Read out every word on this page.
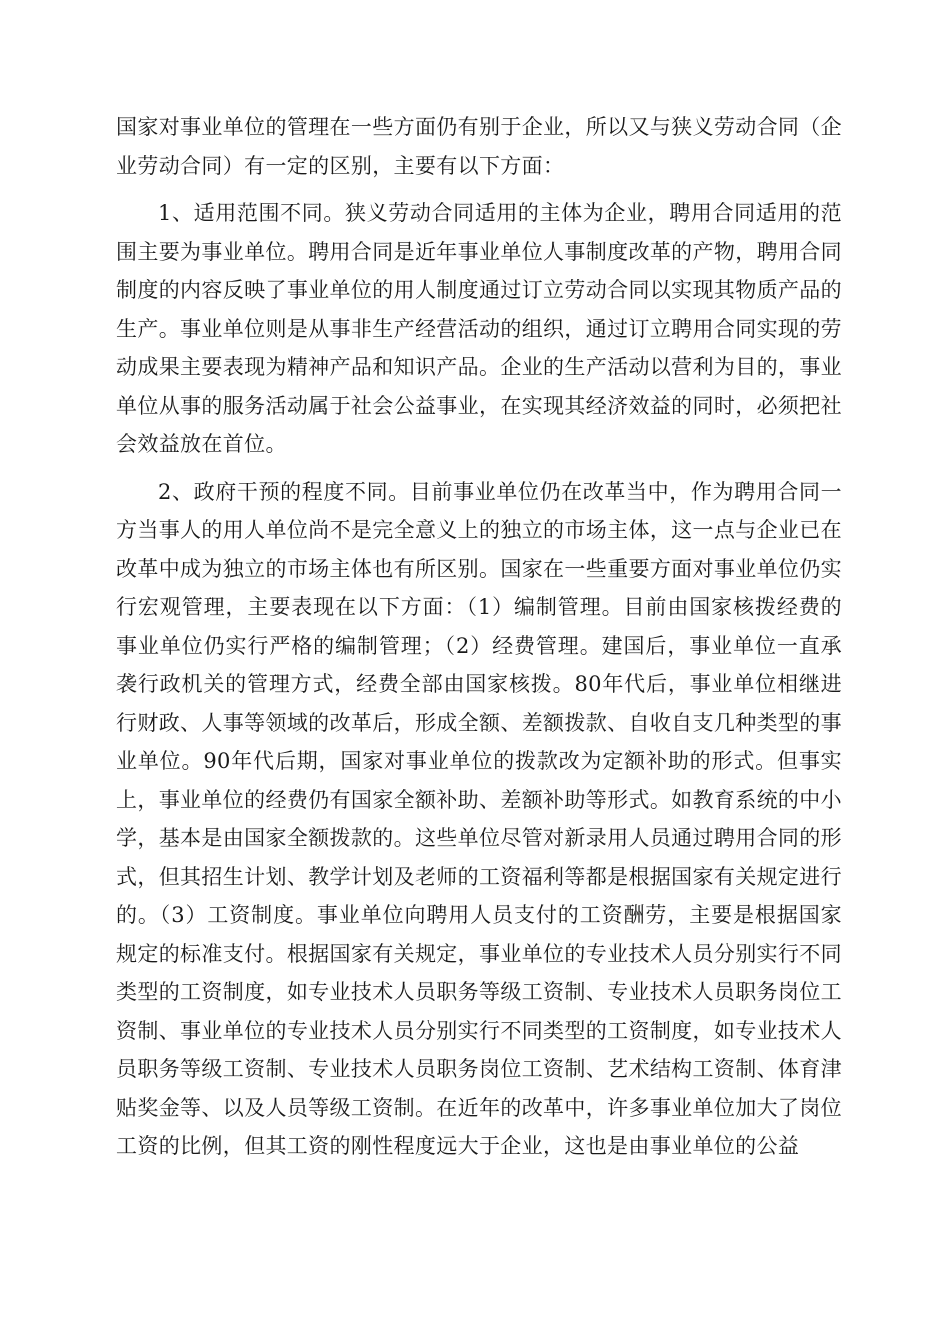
国家对事业单位的管理在一些方面仍有别于企业，所以又与狭义劳动合同（企业劳动合同）有一定的区别，主要有以下方面：

1、适用范围不同。狭义劳动合同适用的主体为企业，聘用合同适用的范围主要为事业单位。聘用合同是近年事业单位人事制度改革的产物，聘用合同制度的内容反映了事业单位的用人制度通过订立劳动合同以实现其物质产品的生产。事业单位则是从事非生产经营活动的组织，通过订立聘用合同实现的劳动成果主要表现为精神产品和知识产品。企业的生产活动以营利为目的，事业单位从事的服务活动属于社会公益事业，在实现其经济效益的同时，必须把社会效益放在首位。

2、政府干预的程度不同。目前事业单位仍在改革当中，作为聘用合同一方当事人的用人单位尚不是完全意义上的独立的市场主体，这一点与企业已在改革中成为独立的市场主体也有所区别。国家在一些重要方面对事业单位仍实行宏观管理，主要表现在以下方面：（1）编制管理。目前由国家核拨经费的事业单位仍实行严格的编制管理；（2）经费管理。建国后，事业单位一直承袭行政机关的管理方式，经费全部由国家核拨。80年代后，事业单位相继进行财政、人事等领域的改革后，形成全额、差额拨款、自收自支几种类型的事业单位。90年代后期，国家对事业单位的拨款改为定额补助的形式。但事实上，事业单位的经费仍有国家全额补助、差额补助等形式。如教育系统的中小学，基本是由国家全额拨款的。这些单位尽管对新录用人员通过聘用合同的形式，但其招生计划、教学计划及老师的工资福利等都是根据国家有关规定进行的。（3）工资制度。事业单位向聘用人员支付的工资酬劳，主要是根据国家规定的标准支付。根据国家有关规定，事业单位的专业技术人员分别实行不同类型的工资制度，如专业技术人员职务等级工资制、专业技术人员职务岗位工资制、事业单位的专业技术人员分别实行不同类型的工资制度，如专业技术人员职务等级工资制、专业技术人员职务岗位工资制、艺术结构工资制、体育津贴奖金等、以及人员等级工资制。在近年的改革中，许多事业单位加大了岗位工资的比例，但其工资的刚性程度远大于企业，这也是由事业单位的公益
